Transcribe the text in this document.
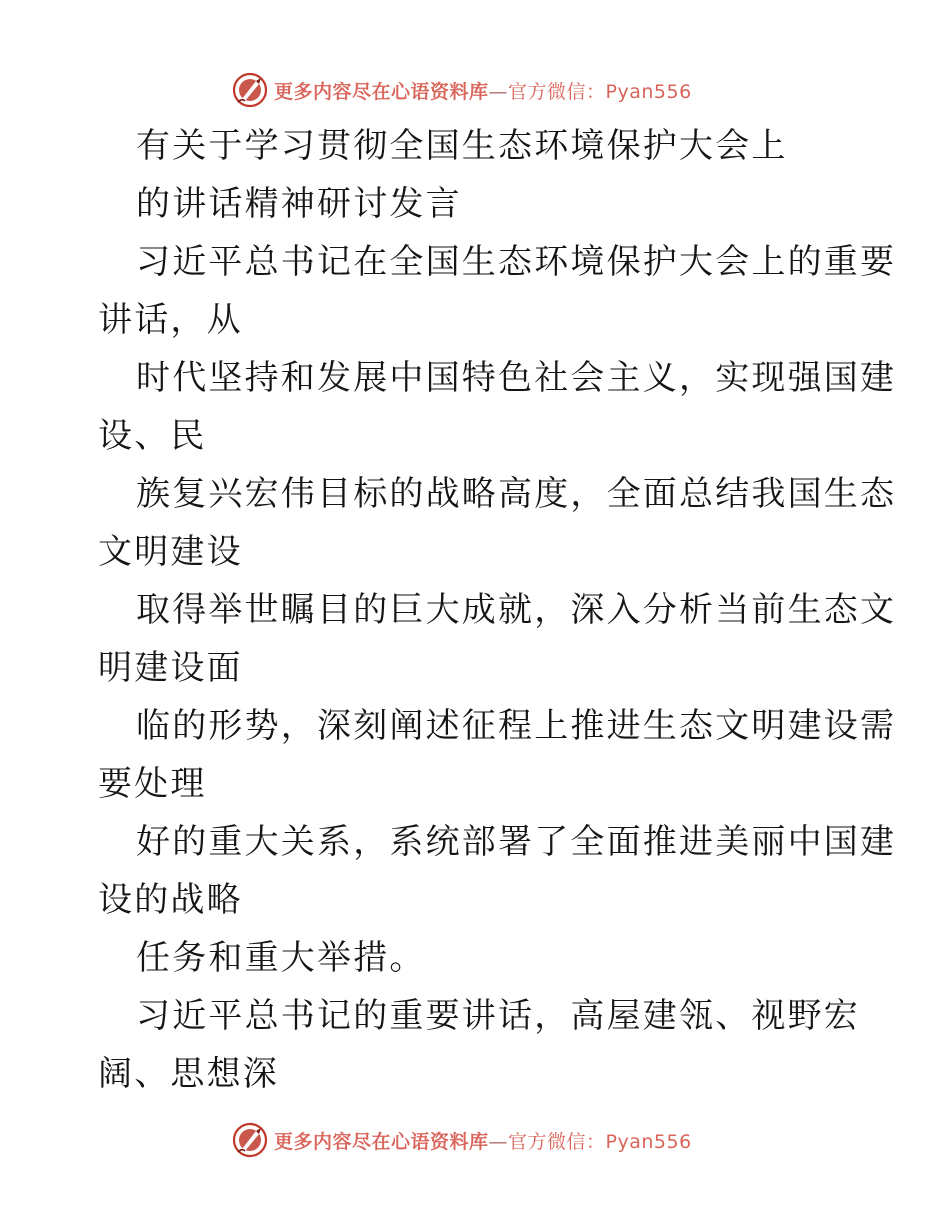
更多内容尽在心语资料库—官方微信：Pyan556
有关于学习贯彻全国生态环境保护大会上
的讲话精神研讨发言
习近平总书记在全国生态环境保护大会上的重要
讲话，从
时代坚持和发展中国特色社会主义，实现强国建
设、民
族复兴宏伟目标的战略高度，全面总结我国生态
文明建设
取得举世瞩目的巨大成就，深入分析当前生态文
明建设面
临的形势，深刻阐述征程上推进生态文明建设需
要处理
好的重大关系，系统部署了全面推进美丽中国建
设的战略
任务和重大举措。
习近平总书记的重要讲话，高屋建瓴、视野宏
阔、思想深
更多内容尽在心语资料库—官方微信：Pyan556
